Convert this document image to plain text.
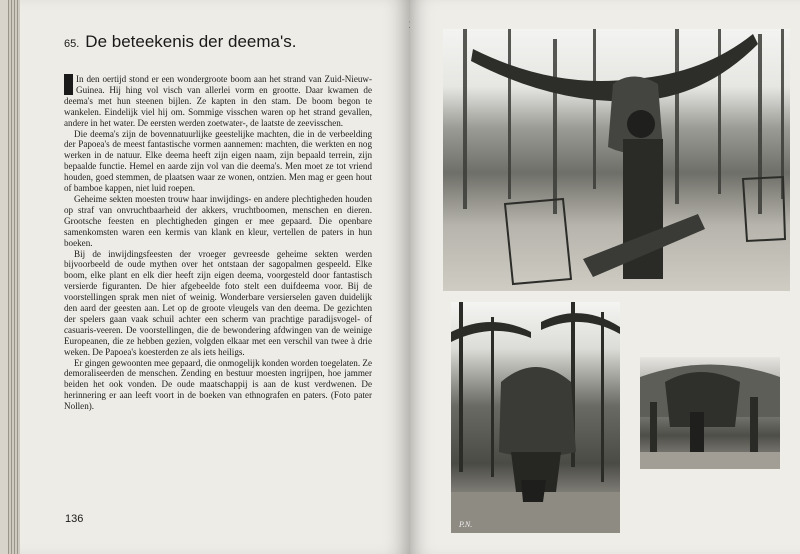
65. De beteekenis der deema's.

In den oertijd stond er een wondergroote boom aan het strand van Zuid-Nieuw-Guinea. Hij hing vol visch van allerlei vorm en grootte. Daar kwamen de deema's met hun steenen bijlen. Ze kapten in den stam. De boom begon te wankelen. Eindelijk viel hij om. Sommige visschen waren op het strand gevallen, andere in het water. De eersten werden zoetwater-, de laatste de zeevisschen.

Die deema's zijn de bovennatuurlijke geestelijke machten, die in de verbeelding der Papoea's de meest fantastische vormen aannemen: machten, die werkten en nog werken in de natuur. Elke deema heeft zijn eigen naam, zijn bepaald terrein, zijn bepaalde functie. Hemel en aarde zijn vol van die deema's. Men moet ze tot vriend houden, goed stemmen, de plaatsen waar ze wonen, ontzien. Men mag er geen hout of bamboe kappen, niet luid roepen.

Geheime sekten moesten trouw haar inwijdings- en andere plechtigheden houden op straf van onvruchtbaarheid der akkers, vruchtboomen, menschen en dieren. Grootsche feesten en plechtigheden gingen er mee gepaard. Die openbare samenkomsten waren een kermis van klank en kleur, vertellen de paters in hun boeken.

Bij de inwijdingsfeesten der vroeger gevreesde geheime sekten werden bijvoorbeeld de oude mythen over het ontstaan der sagopalmen gespeeld. Elke boom, elke plant en elk dier heeft zijn eigen deema, voorgesteld door fantastisch versierde figuranten. De hier afgebeelde foto stelt een duifdeema voor. Bij de voorstellingen sprak men niet of weinig. Wonderbare versierselen gaven duidelijk den aard der geesten aan. Let op de groote vleugels van den deema. De gezichten der spelers gaan vaak schuil achter een scherm van prachtige paradijsvogel- of casuaris-veeren. De voorstellingen, die de bewondering afdwingen van de weinige Europeanen, die ze hebben gezien, volgden elkaar met een verschil van twee à drie weken. De Papoea's koesterden ze als iets heiligs.

Er gingen gewoonten mee gepaard, die onmogelijk konden worden toegelaten. Ze demoraliseerden de menschen. Zending en bestuur moesten ingrijpen, hoe jammer beiden het ook vonden. De oude maatschappij is aan de kust verdwenen. De herinnering er aan leeft voort in de boeken van ethnografen en paters. (Foto pater Nollen).

136	P.N.
